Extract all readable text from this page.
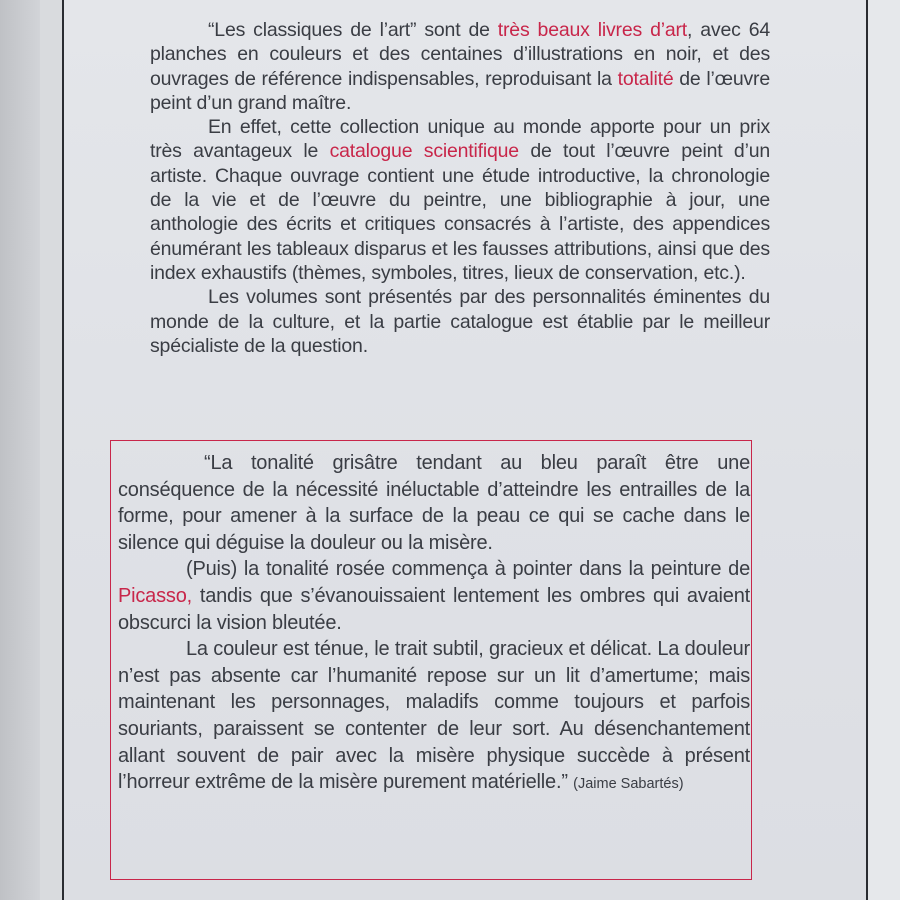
“Les classiques de l’art” sont de très beaux livres d’art, avec 64 planches en couleurs et des centaines d’illustrations en noir, et des ouvrages de référence indispensables, reproduisant la totalité de l’œuvre peint d’un grand maître.

En effet, cette collection unique au monde apporte pour un prix très avantageux le catalogue scientifique de tout l’œuvre peint d’un artiste. Chaque ouvrage contient une étude introductive, la chronologie de la vie et de l’œuvre du peintre, une bibliographie à jour, une anthologie des écrits et critiques consacrés à l’artiste, des appendices énumérant les tableaux disparus et les fausses attributions, ainsi que des index exhaustifs (thèmes, symboles, titres, lieux de conservation, etc.).

Les volumes sont présentés par des personnalités éminentes du monde de la culture, et la partie catalogue est établie par le meilleur spécialiste de la question.

“La tonalité grisâtre tendant au bleu paraît être une conséquence de la nécessité inéluctable d’atteindre les entrailles de la forme, pour amener à la surface de la peau ce qui se cache dans le silence qui déguise la douleur ou la misère.

(Puis) la tonalité rosée commença à pointer dans la peinture de Picasso, tandis que s’évanouissaient lentement les ombres qui avaient obscurci la vision bleutée.

La couleur est ténue, le trait subtil, gracieux et délicat. La douleur n’est pas absente car l’humanité repose sur un lit d’amertume; mais maintenant les personnages, maladifs comme toujours et parfois souriants, paraissent se contenter de leur sort. Au désenchantement allant souvent de pair avec la misère physique succède à présent l’horreur extrême de la misère purement matérielle.” (Jaime Sabartés)
